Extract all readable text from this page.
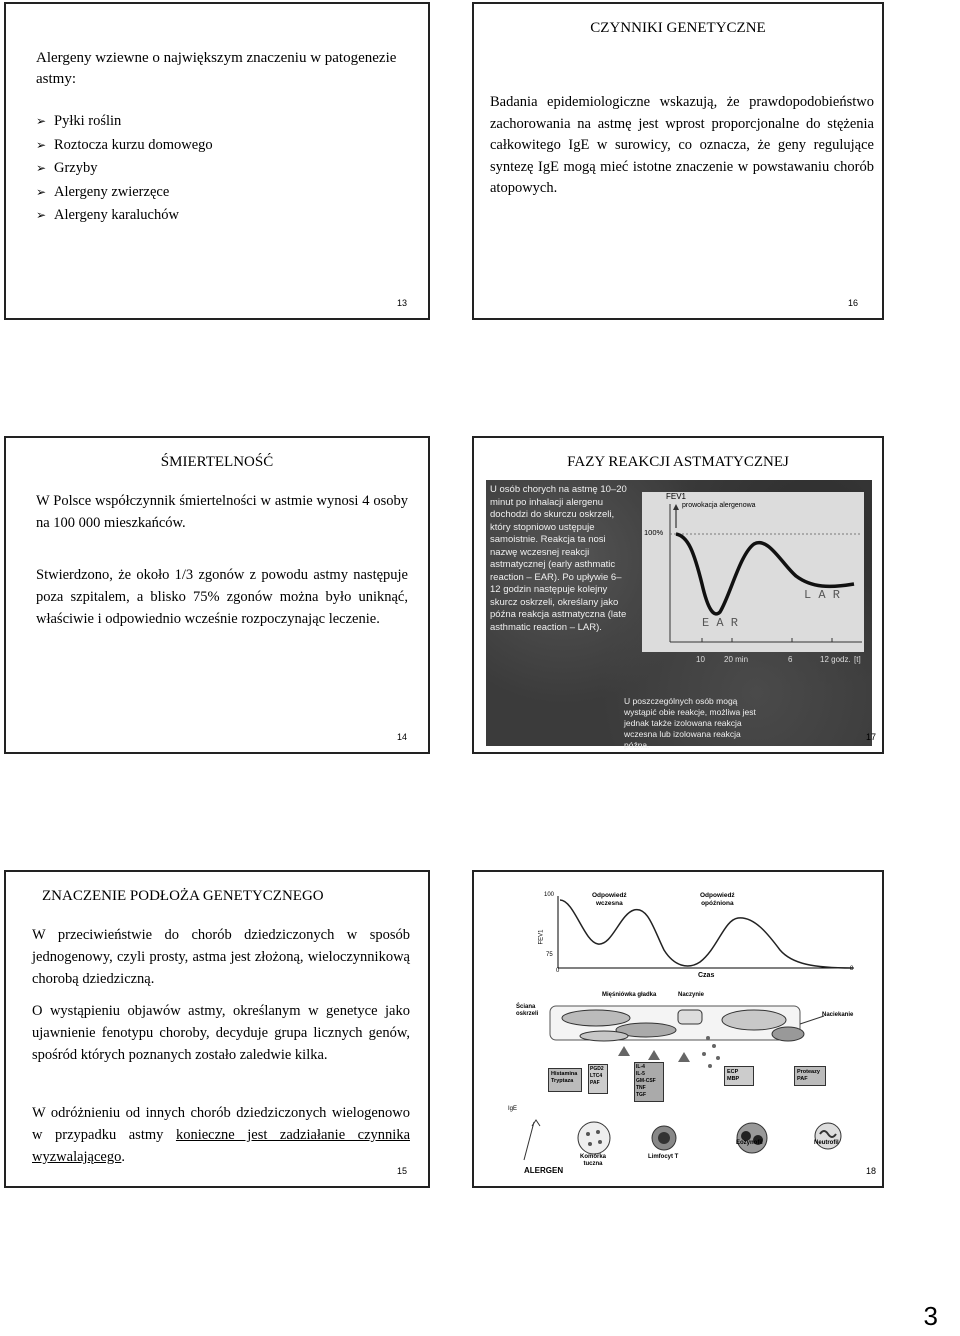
Alergeny wziewne o największym znaczeniu w patogenezie astmy:
➢ Pyłki roślin
➢ Roztocza kurzu domowego
➢ Grzyby
➢ Alergeny zwierzęce
➢ Alergeny karaluchów
13
CZYNNIKI GENETYCZNE
Badania epidemiologiczne wskazują, że prawdopodobieństwo zachorowania na astmę jest wprost proporcjonalne do stężenia całkowitego IgE w surowicy, co oznacza, że geny regulujące syntezę IgE mogą mieć istotne znaczenie w powstawaniu chorób atopowych.
16
ŚMIERTELNOŚĆ
W Polsce współczynnik śmiertelności w astmie wynosi 4 osoby na 100 000 mieszkańców.
Stwierdzono, że około 1/3 zgonów z powodu astmy następuje poza szpitalem, a blisko 75% zgonów można było uniknąć, właściwie i odpowiednio wcześnie rozpoczynając leczenie.
14
FAZY REAKCJI ASTMATYCZNEJ
U osób chorych na astmę 10–20 minut po inhalacji alergenu dochodzi do skurczu oskrzeli, który stopniowo ustępuje samoistnie. Reakcja ta nosi nazwę wczesnej reakcji astmatycznej (early asthmatic reaction – EAR). Po upływie 6–12 godzin następuje kolejny skurcz oskrzeli, określany jako późna reakcja astmatyczna (late asthmatic reaction – LAR).
FEV1
prowokacja alergenowa
100%
E A R
L A R
10 20 min	6	12 godz. [t]
U poszczególnych osób mogą wystąpić obie reakcje, możliwa jest jednak także izolowana reakcja wczesna lub izolowana reakcja późna.
17
ZNACZENIE PODŁOŻA GENETYCZNEGO
W przeciwieństwie do chorób dziedziczonych w sposób jednogenowy, czyli prosty, astma jest złożoną, wieloczynnikową chorobą dziedziczną.
O wystąpieniu objawów astmy, określanym w genetyce jako ujawnienie fenotypu choroby, decyduje grupa licznych genów, spośród których poznanych zostało zaledwie kilka.
W odróżnieniu od innych chorób dziedziczonych wielogenowo w przypadku astmy konieczne jest zadziałanie czynnika wyzwalającego.
15
100
FEV1
75
0	8
Czas
Odpowiedź
wczesna
Odpowiedź
opóźniona
Ściana oskrzeli
Mięśniówka gładka	Naczynie
Naciekanie
Histamina
Tryptaza
PGD2
LTC4
PAF
IL-4
IL-5
GM-CSF
TNF
TGF
ECP
MBP
Proteazy
PAF
IgE
Komórka
tuczna
Limfocyt T
Eozynofil	Neutrofil
ALERGEN	18
3
